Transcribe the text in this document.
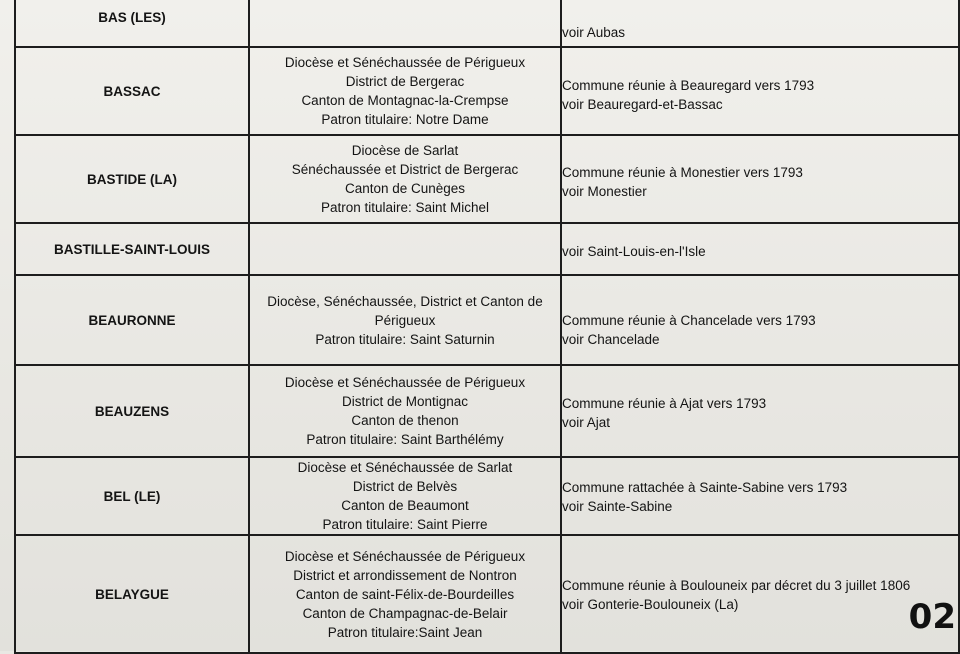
BAS (LES)		voir Aubas

BASSAC	Diocèse et Sénéchaussée de Périgueux
District de Bergerac
Canton de Montagnac-la-Crempse
Patron titulaire: Notre Dame	Commune réunie à Beauregard vers 1793
voir Beauregard-et-Bassac

BASTIDE (LA)	Diocèse de Sarlat
Sénéchaussée et District de Bergerac
Canton de Cunèges
Patron titulaire: Saint Michel	Commune réunie à Monestier vers 1793
voir Monestier

BASTILLE-SAINT-LOUIS		voir Saint-Louis-en-l'Isle

BEAURONNE	Diocèse, Sénéchaussée, District et Canton de Périgueux
Patron titulaire: Saint Saturnin	Commune réunie à Chancelade vers 1793
voir Chancelade

BEAUZENS	Diocèse et Sénéchaussée de Périgueux
District de Montignac
Canton de thenon
Patron titulaire: Saint Barthélémy	Commune réunie à Ajat vers 1793
voir Ajat

BEL (LE)	Diocèse et Sénéchaussée de Sarlat
District de Belvès
Canton de Beaumont
Patron titulaire: Saint Pierre	Commune rattachée à Sainte-Sabine vers 1793
voir Sainte-Sabine

BELAYGUE	Diocèse et Sénéchaussée de Périgueux
District et arrondissement de Nontron
Canton de saint-Félix-de-Bourdeilles
Canton de Champagnac-de-Belair
Patron titulaire:Saint Jean	Commune réunie à Boulouneix par décret du 3 juillet 1806
voir Gonterie-Boulouneix (La)	02
